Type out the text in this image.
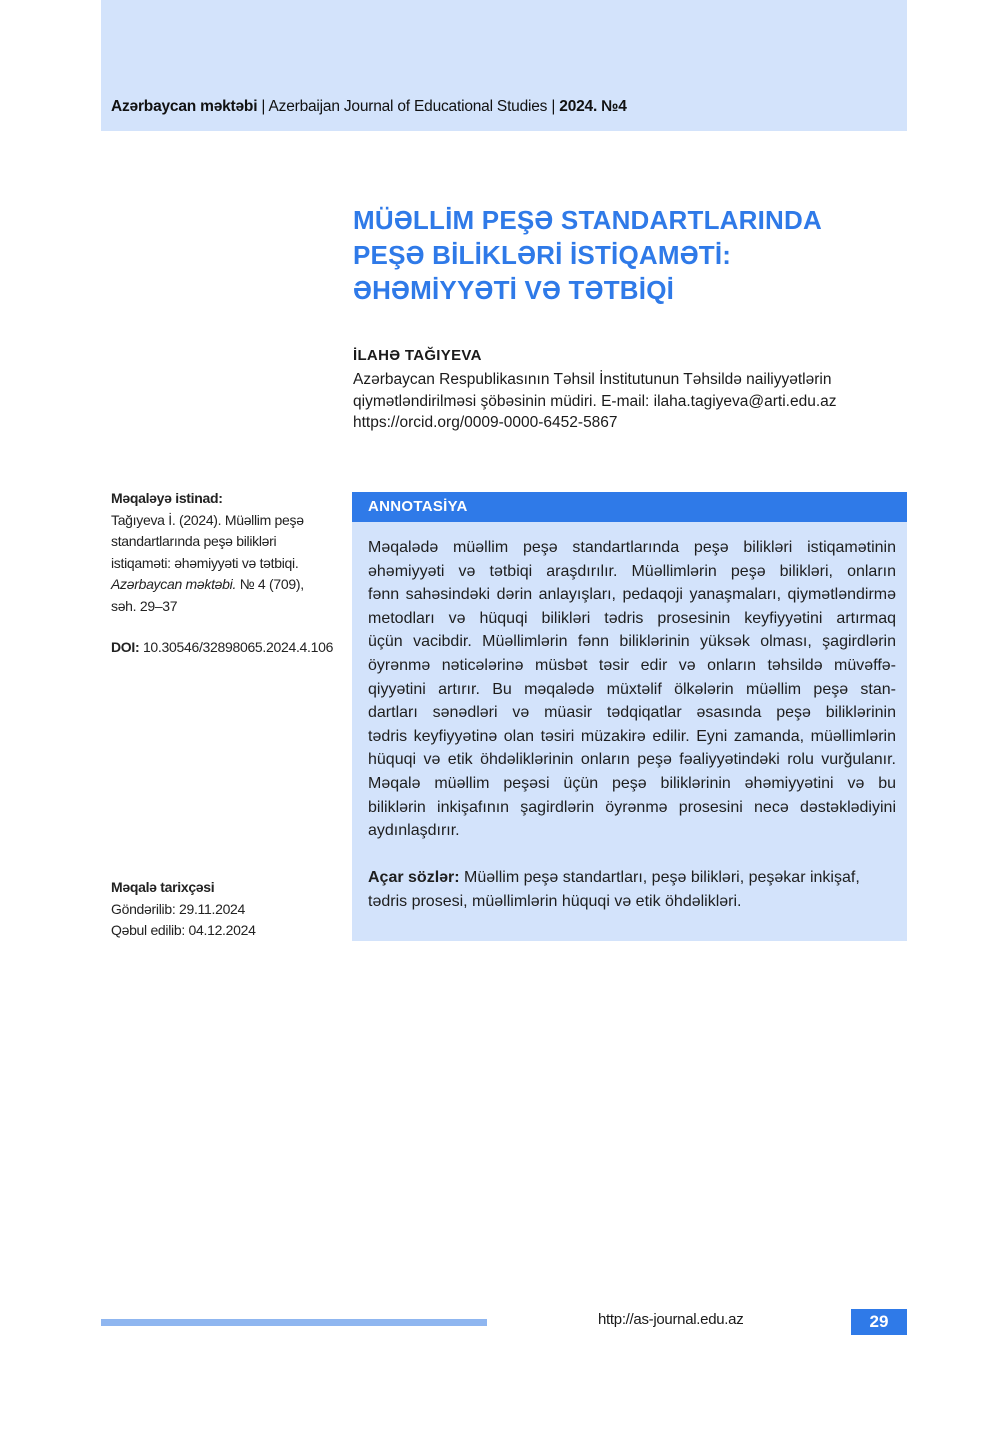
Azərbaycan məktəbi | Azerbaijan Journal of Educational Studies | 2024. №4
MÜƏLLİM PEŞƏ STANDARTLARINDA
PEŞƏ BİLİKLƏRİ İSTİQAMƏTİ:
ƏHƏMİYYƏTİ VƏ TƏTBİQİ
İLAHƏ TAĞIYEVA
Azərbaycan Respublikasının Təhsil İnstitutunun Təhsildə nailiyyətlərin
qiymətləndirilməsi şöbəsinin müdiri. E-mail: ilaha.tagiyeva@arti.edu.az
https://orcid.org/0009-0000-6452-5867
Məqaləyə istinad:
Tağıyeva İ. (2024). Müəllim peşə
standartlarında peşə bilikləri
istiqaməti: əhəmiyyəti və tətbiqi.
Azərbaycan məktəbi. № 4 (709),
səh. 29–37
DOI: 10.30546/32898065.2024.4.106
Məqalə tarixçəsi
Göndərilib: 29.11.2024
Qəbul edilib: 04.12.2024
ANNOTASİYA
Məqalədə müəllim peşə standartlarında peşə bilikləri istiqamətinin
əhəmiyyəti və tətbiqi araşdırılır. Müəllimlərin peşə bilikləri, onların
fənn sahəsindəki dərin anlayışları, pedaqoji yanaşmaları, qiymətləndirmə
metodları və hüquqi bilikləri tədris prosesinin keyfiyyətini artırmaq
üçün vacibdir. Müəllimlərin fənn biliklərinin yüksək olması, şagirdlərin
öyrənmə nəticələrinə müsbət təsir edir və onların təhsildə müvəffə-
qiyyətini artırır. Bu məqalədə müxtəlif ölkələrin müəllim peşə stan-
dartları sənədləri və müasir tədqiqatlar əsasında peşə biliklərinin
tədris keyfiyyətinə olan təsiri müzakirə edilir. Eyni zamanda, müəllimlərin
hüquqi və etik öhdəliklərinin onların peşə fəaliyyətindəki rolu vurğulanır.
Məqalə müəllim peşəsi üçün peşə biliklərinin əhəmiyyətini və bu
biliklərin inkişafının şagirdlərin öyrənmə prosesini necə dəstəklədiyini
aydınlaşdırır.
Açar sözlər: Müəllim peşə standartları, peşə bilikləri, peşəkar inkişaf,
tədris prosesi, müəllimlərin hüquqi və etik öhdəlikləri.
http://as-journal.edu.az	29
